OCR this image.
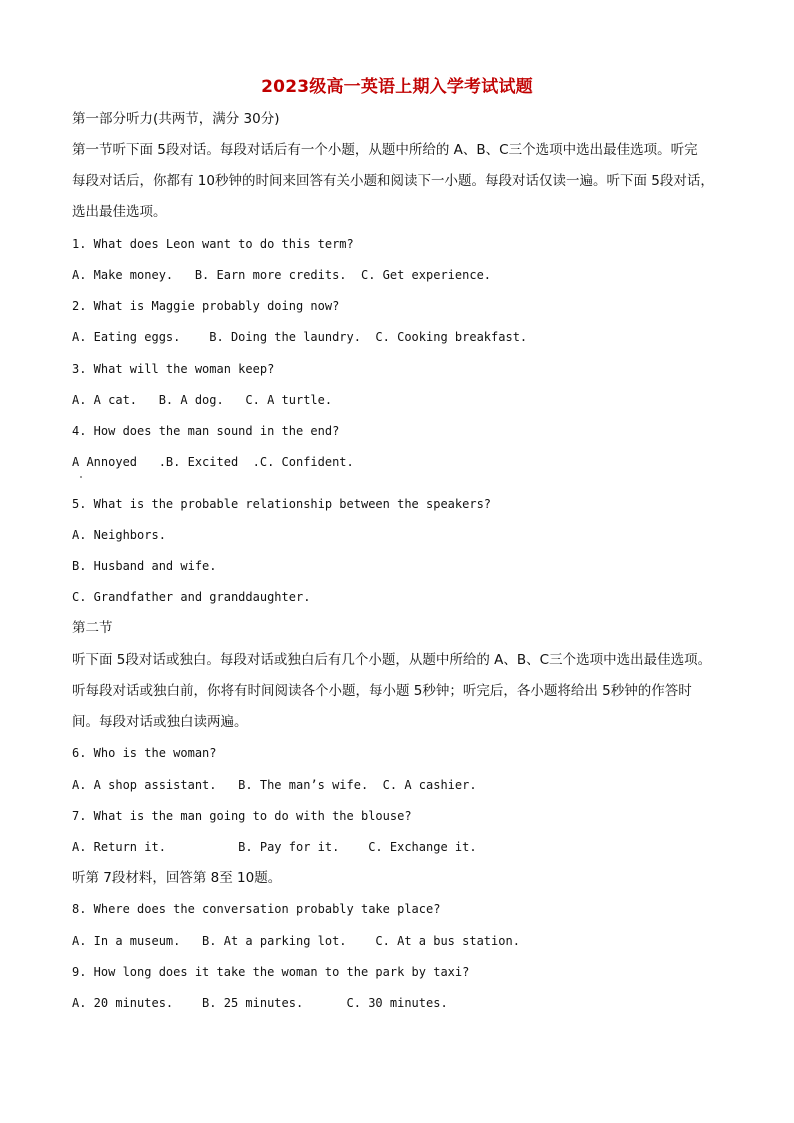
2023级高一英语上期入学考试试题
第一部分听力(共两节，满分 30分)
第一节听下面 5段对话。每段对话后有一个小题，从题中所给的 A、B、C三个选项中选出最佳选项。听完
每段对话后，你都有 10秒钟的时间来回答有关小题和阅读下一小题。每段对话仅读一遍。听下面 5段对话，
选出最佳选项。
1. What does Leon want to do this term?
A. Make money.   B. Earn more credits.  C. Get experience.
2. What is Maggie probably doing now?
A. Eating eggs.    B. Doing the laundry.  C. Cooking breakfast.
3. What will the woman keep?
A. A cat.   B. A dog.   C. A turtle.
4. How does the man sound in the end?
A Annoyed   .B. Excited  .C. Confident.
5. What is the probable relationship between the speakers?
A. Neighbors.
B. Husband and wife.
C. Grandfather and granddaughter.
第二节
听下面 5段对话或独白。每段对话或独白后有几个小题，从题中所给的 A、B、C三个选项中选出最佳选项。
听每段对话或独白前，你将有时间阅读各个小题，每小题 5秒钟；听完后，各小题将给出 5秒钟的作答时
间。每段对话或独白读两遍。
6. Who is the woman?
A. A shop assistant.   B. The man’s wife.  C. A cashier.
7. What is the man going to do with the blouse?
A. Return it.          B. Pay for it.    C. Exchange it.
听第 7段材料，回答第 8至 10题。
8. Where does the conversation probably take place?
A. In a museum.   B. At a parking lot.    C. At a bus station.
9. How long does it take the woman to the park by taxi?
A. 20 minutes.    B. 25 minutes.      C. 30 minutes.
